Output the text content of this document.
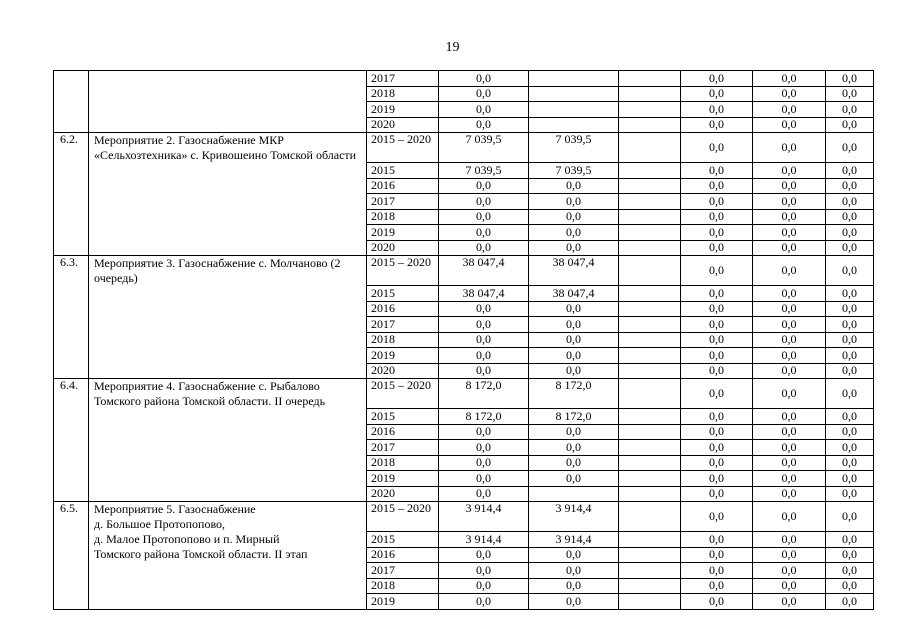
19
		2017	0,0			0,0	0,0	0,0
		2018	0,0			0,0	0,0	0,0
		2019	0,0			0,0	0,0	0,0
		2020	0,0			0,0	0,0	0,0
6.2.	Мероприятие 2. Газоснабжение МКР «Сельхозтехника» с. Кривошеино Томской области	2015 – 2020	7 039,5	7 039,5		0,0	0,0	0,0
		2015	7 039,5	7 039,5		0,0	0,0	0,0
		2016	0,0	0,0		0,0	0,0	0,0
		2017	0,0	0,0		0,0	0,0	0,0
		2018	0,0	0,0		0,0	0,0	0,0
		2019	0,0	0,0		0,0	0,0	0,0
		2020	0,0	0,0		0,0	0,0	0,0
6.3.	Мероприятие 3. Газоснабжение с. Молчаново (2 очередь)	2015 – 2020	38 047,4	38 047,4		0,0	0,0	0,0
		2015	38 047,4	38 047,4		0,0	0,0	0,0
		2016	0,0	0,0		0,0	0,0	0,0
		2017	0,0	0,0		0,0	0,0	0,0
		2018	0,0	0,0		0,0	0,0	0,0
		2019	0,0	0,0		0,0	0,0	0,0
		2020	0,0	0,0		0,0	0,0	0,0
6.4.	Мероприятие 4. Газоснабжение с. Рыбалово Томского района Томской области. II очередь	2015 – 2020	8 172,0	8 172,0		0,0	0,0	0,0
		2015	8 172,0	8 172,0		0,0	0,0	0,0
		2016	0,0	0,0		0,0	0,0	0,0
		2017	0,0	0,0		0,0	0,0	0,0
		2018	0,0	0,0		0,0	0,0	0,0
		2019	0,0	0,0		0,0	0,0	0,0
		2020	0,0			0,0	0,0	0,0
6.5.	Мероприятие 5. Газоснабжение
д. Большое Протопопово,
д. Малое Протопопово и п. Мирный
Томского района Томской области. II этап	2015 – 2020	3 914,4	3 914,4		0,0	0,0	0,0
		2015	3 914,4	3 914,4		0,0	0,0	0,0
		2016	0,0	0,0		0,0	0,0	0,0
		2017	0,0	0,0		0,0	0,0	0,0
		2018	0,0	0,0		0,0	0,0	0,0
		2019	0,0	0,0		0,0	0,0	0,0
